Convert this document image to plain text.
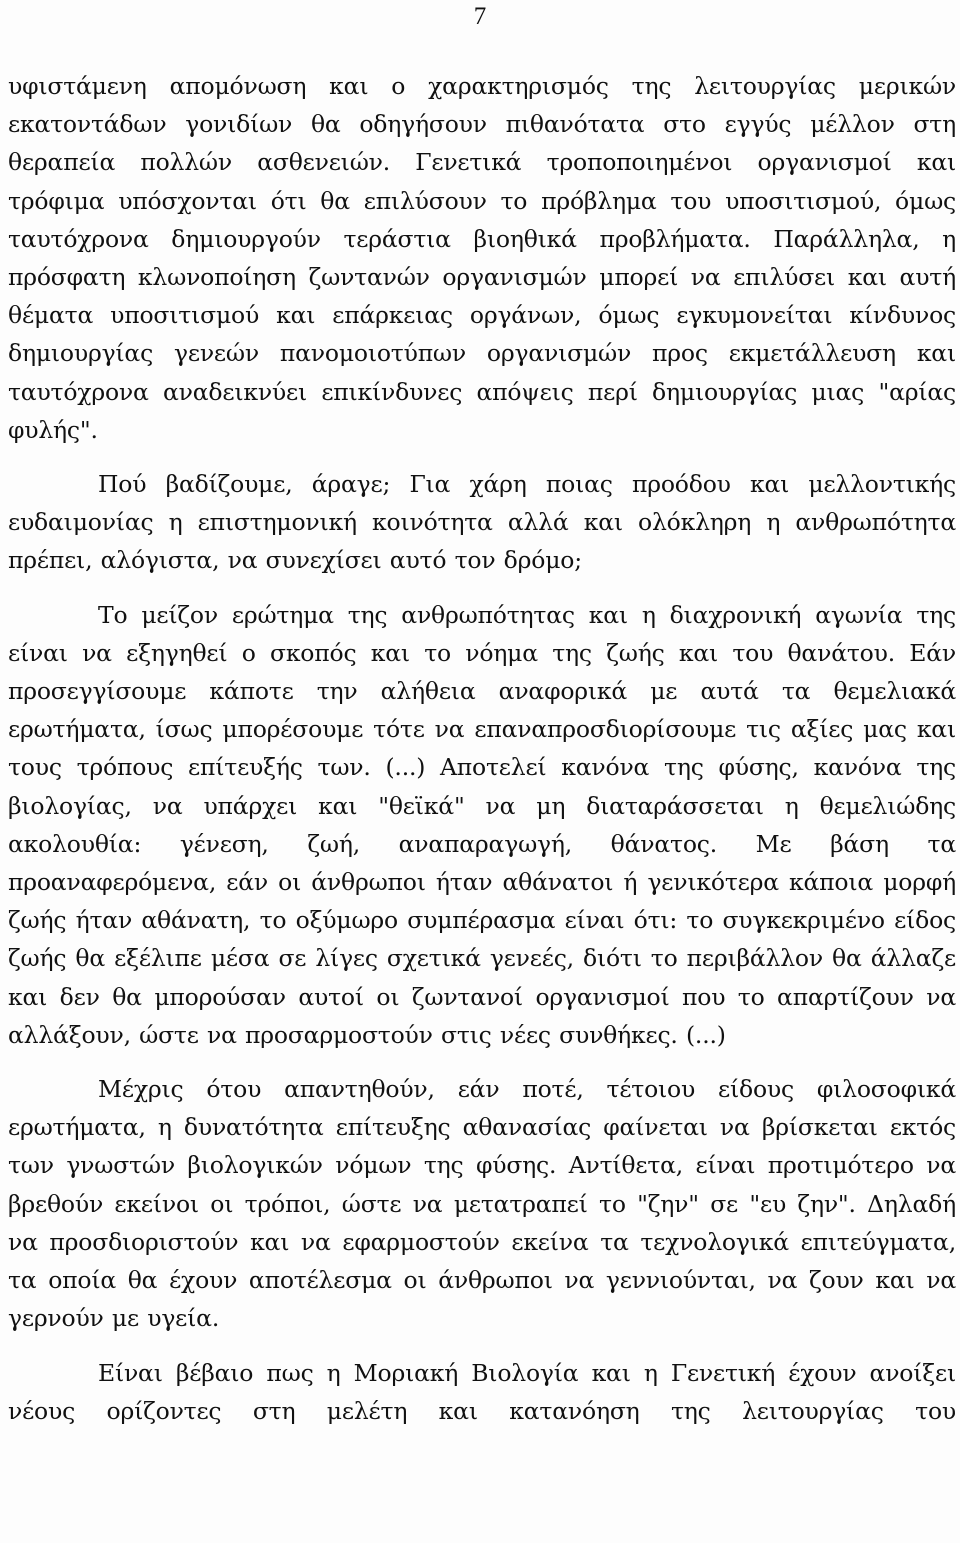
7

υφιστάμενη απομόνωση και ο χαρακτηρισμός της λειτουργίας μερικών εκατοντάδων γονιδίων θα οδηγήσουν πιθανότατα στο εγγύς μέλλον στη θεραπεία πολλών ασθενειών. Γενετικά τροποποιημένοι οργανισμοί και τρόφιμα υπόσχονται ότι θα επιλύσουν το πρόβλημα του υποσιτισμού, όμως ταυτόχρονα δημιουργούν τεράστια βιοηθικά προβλήματα. Παράλληλα, η πρόσφατη κλωνοποίηση ζωντανών οργανισμών μπορεί να επιλύσει και αυτή θέματα υποσιτισμού και επάρκειας οργάνων, όμως εγκυμονείται κίνδυνος δημιουργίας γενεών πανομοιοτύπων οργανισμών προς εκμετάλλευση και ταυτόχρονα αναδεικνύει επικίνδυνες απόψεις περί δημιουργίας μιας "αρίας φυλής".

Πού βαδίζουμε, άραγε; Για χάρη ποιας προόδου και μελλοντικής ευδαιμονίας η επιστημονική κοινότητα αλλά και ολόκληρη η ανθρωπότητα πρέπει, αλόγιστα, να συνεχίσει αυτό τον δρόμο;

Το μείζον ερώτημα της ανθρωπότητας και η διαχρονική αγωνία της είναι να εξηγηθεί ο σκοπός και το νόημα της ζωής και του θανάτου. Εάν προσεγγίσουμε κάποτε την αλήθεια αναφορικά με αυτά τα θεμελιακά ερωτήματα, ίσως μπορέσουμε τότε να επαναπροσδιορίσουμε τις αξίες μας και τους τρόπους επίτευξής των. (...) Αποτελεί κανόνα της φύσης, κανόνα της βιολογίας, να υπάρχει και "θεϊκά" να μη διαταράσσεται η θεμελιώδης ακολουθία: γένεση, ζωή, αναπαραγωγή, θάνατος. Με βάση τα προαναφερόμενα, εάν οι άνθρωποι ήταν αθάνατοι ή γενικότερα κάποια μορφή ζωής ήταν αθάνατη, το οξύμωρο συμπέρασμα είναι ότι: το συγκεκριμένο είδος ζωής θα εξέλιπε μέσα σε λίγες σχετικά γενεές, διότι το περιβάλλον θα άλλαζε και δεν θα μπορούσαν αυτοί οι ζωντανοί οργανισμοί που το απαρτίζουν να αλλάξουν, ώστε να προσαρμοστούν στις νέες συνθήκες. (...)

Μέχρις ότου απαντηθούν, εάν ποτέ, τέτοιου είδους φιλοσοφικά ερωτήματα, η δυνατότητα επίτευξης αθανασίας φαίνεται να βρίσκεται εκτός των γνωστών βιολογικών νόμων της φύσης. Αντίθετα, είναι προτιμότερο να βρεθούν εκείνοι οι τρόποι, ώστε να μετατραπεί το "ζην" σε "ευ ζην". Δηλαδή να προσδιοριστούν και να εφαρμοστούν εκείνα τα τεχνολογικά επιτεύγματα, τα οποία θα έχουν αποτέλεσμα οι άνθρωποι να γεννιούνται, να ζουν και να γερνούν με υγεία.

Είναι βέβαιο πως η Μοριακή Βιολογία και η Γενετική έχουν ανοίξει νέους ορίζοντες στη μελέτη και κατανόηση της λειτουργίας του
